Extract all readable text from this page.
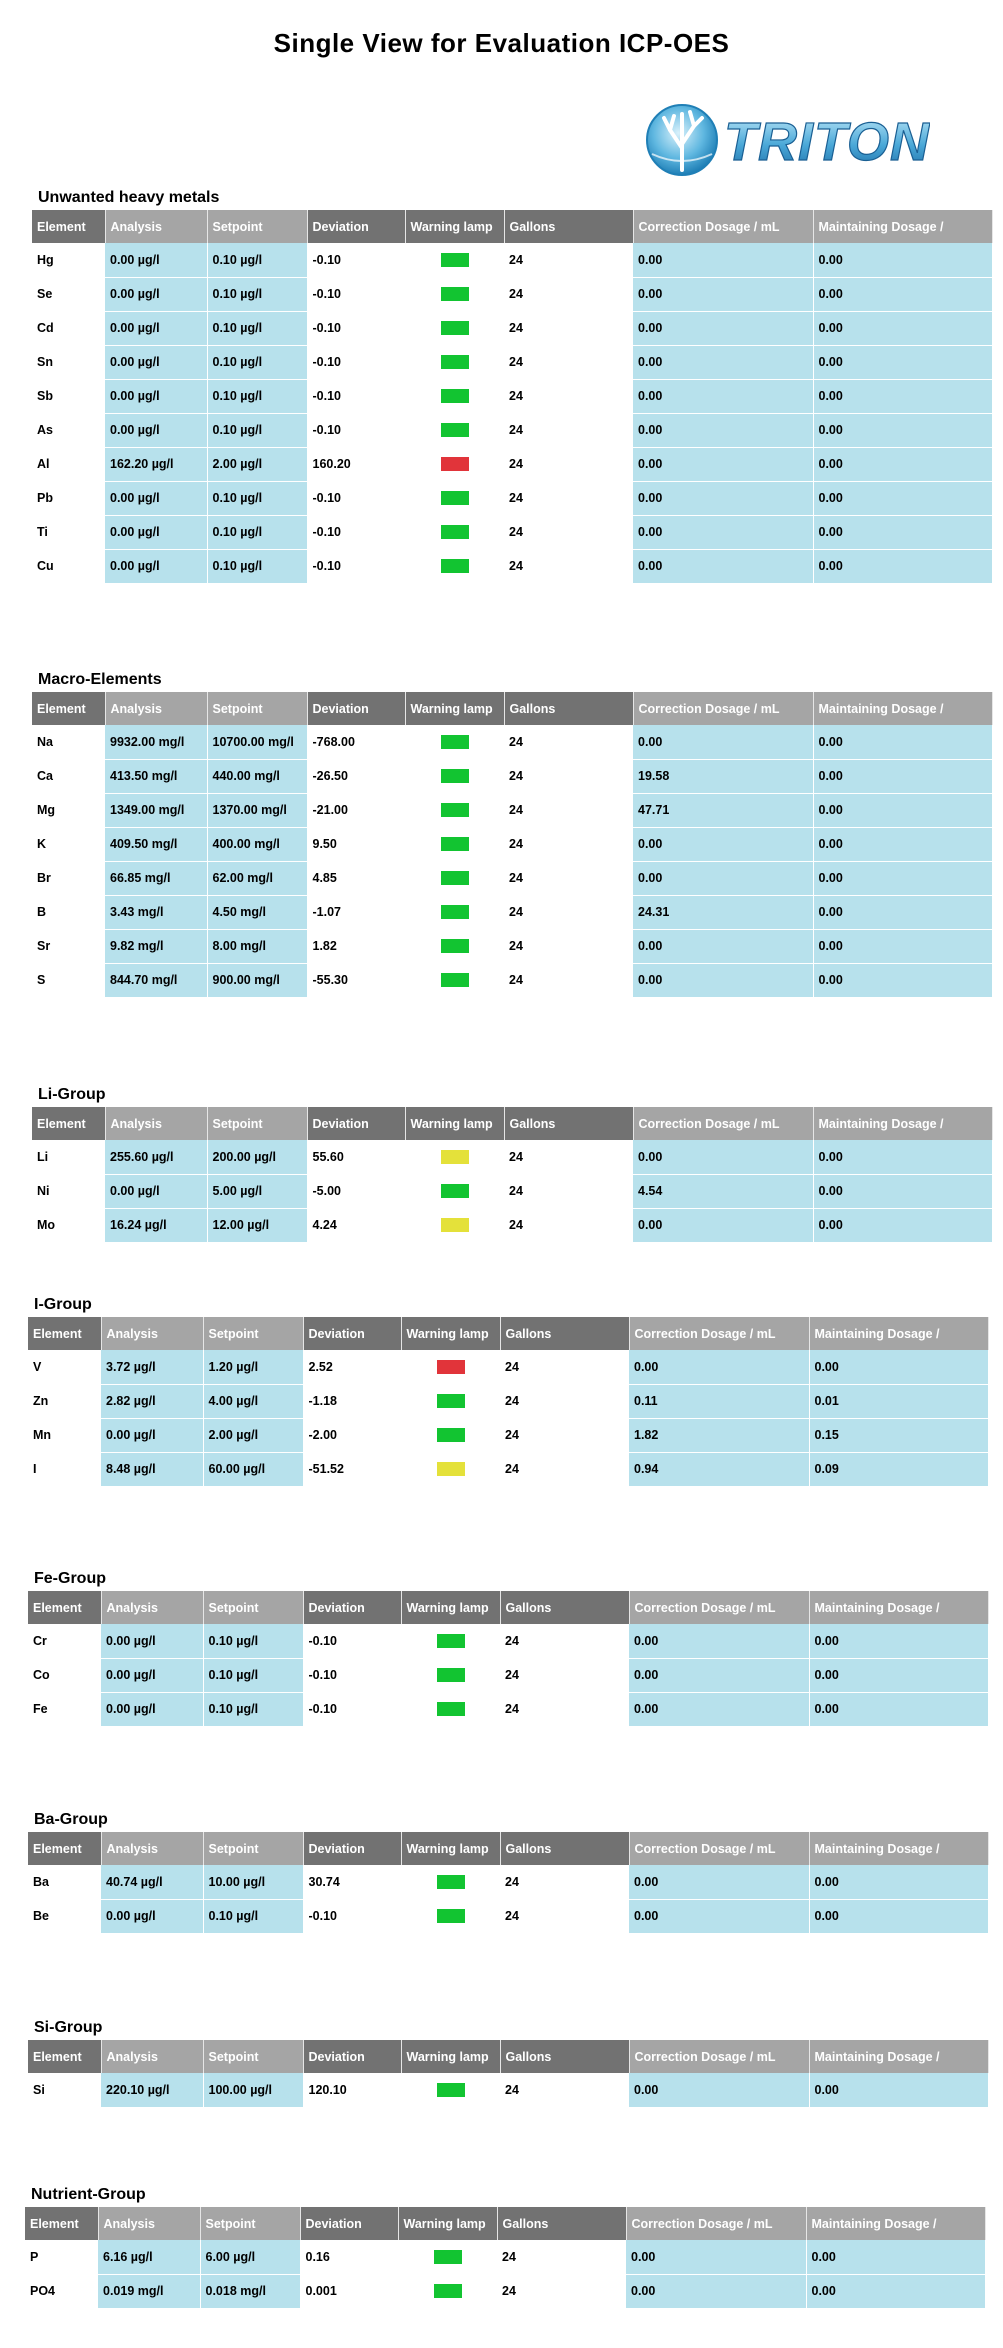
Single View for Evaluation ICP-OES
TRITON
Unwanted heavy metals
Element	Analysis	Setpoint	Deviation	Warning lamp	Gallons	Correction Dosage / mL	Maintaining Dosage /
Hg	0.00 µg/l	0.10 µg/l	-0.10		24	0.00	0.00
Se	0.00 µg/l	0.10 µg/l	-0.10		24	0.00	0.00
Cd	0.00 µg/l	0.10 µg/l	-0.10		24	0.00	0.00
Sn	0.00 µg/l	0.10 µg/l	-0.10		24	0.00	0.00
Sb	0.00 µg/l	0.10 µg/l	-0.10		24	0.00	0.00
As	0.00 µg/l	0.10 µg/l	-0.10		24	0.00	0.00
Al	162.20 µg/l	2.00 µg/l	160.20		24	0.00	0.00
Pb	0.00 µg/l	0.10 µg/l	-0.10		24	0.00	0.00
Ti	0.00 µg/l	0.10 µg/l	-0.10		24	0.00	0.00
Cu	0.00 µg/l	0.10 µg/l	-0.10		24	0.00	0.00
Macro-Elements
Element	Analysis	Setpoint	Deviation	Warning lamp	Gallons	Correction Dosage / mL	Maintaining Dosage /
Na	9932.00 mg/l	10700.00 mg/l	-768.00		24	0.00	0.00
Ca	413.50 mg/l	440.00 mg/l	-26.50		24	19.58	0.00
Mg	1349.00 mg/l	1370.00 mg/l	-21.00		24	47.71	0.00
K	409.50 mg/l	400.00 mg/l	9.50		24	0.00	0.00
Br	66.85 mg/l	62.00 mg/l	4.85		24	0.00	0.00
B	3.43 mg/l	4.50 mg/l	-1.07		24	24.31	0.00
Sr	9.82 mg/l	8.00 mg/l	1.82		24	0.00	0.00
S	844.70 mg/l	900.00 mg/l	-55.30		24	0.00	0.00
Li-Group
Element	Analysis	Setpoint	Deviation	Warning lamp	Gallons	Correction Dosage / mL	Maintaining Dosage /
Li	255.60 µg/l	200.00 µg/l	55.60		24	0.00	0.00
Ni	0.00 µg/l	5.00 µg/l	-5.00		24	4.54	0.00
Mo	16.24 µg/l	12.00 µg/l	4.24		24	0.00	0.00
I-Group
Element	Analysis	Setpoint	Deviation	Warning lamp	Gallons	Correction Dosage / mL	Maintaining Dosage /
V	3.72 µg/l	1.20 µg/l	2.52		24	0.00	0.00
Zn	2.82 µg/l	4.00 µg/l	-1.18		24	0.11	0.01
Mn	0.00 µg/l	2.00 µg/l	-2.00		24	1.82	0.15
I	8.48 µg/l	60.00 µg/l	-51.52		24	0.94	0.09
Fe-Group
Element	Analysis	Setpoint	Deviation	Warning lamp	Gallons	Correction Dosage / mL	Maintaining Dosage /
Cr	0.00 µg/l	0.10 µg/l	-0.10		24	0.00	0.00
Co	0.00 µg/l	0.10 µg/l	-0.10		24	0.00	0.00
Fe	0.00 µg/l	0.10 µg/l	-0.10		24	0.00	0.00
Ba-Group
Element	Analysis	Setpoint	Deviation	Warning lamp	Gallons	Correction Dosage / mL	Maintaining Dosage /
Ba	40.74 µg/l	10.00 µg/l	30.74		24	0.00	0.00
Be	0.00 µg/l	0.10 µg/l	-0.10		24	0.00	0.00
Si-Group
Element	Analysis	Setpoint	Deviation	Warning lamp	Gallons	Correction Dosage / mL	Maintaining Dosage /
Si	220.10 µg/l	100.00 µg/l	120.10		24	0.00	0.00
Nutrient-Group
Element	Analysis	Setpoint	Deviation	Warning lamp	Gallons	Correction Dosage / mL	Maintaining Dosage /
P	6.16 µg/l	6.00 µg/l	0.16		24	0.00	0.00
PO4	0.019 mg/l	0.018 mg/l	0.001		24	0.00	0.00
